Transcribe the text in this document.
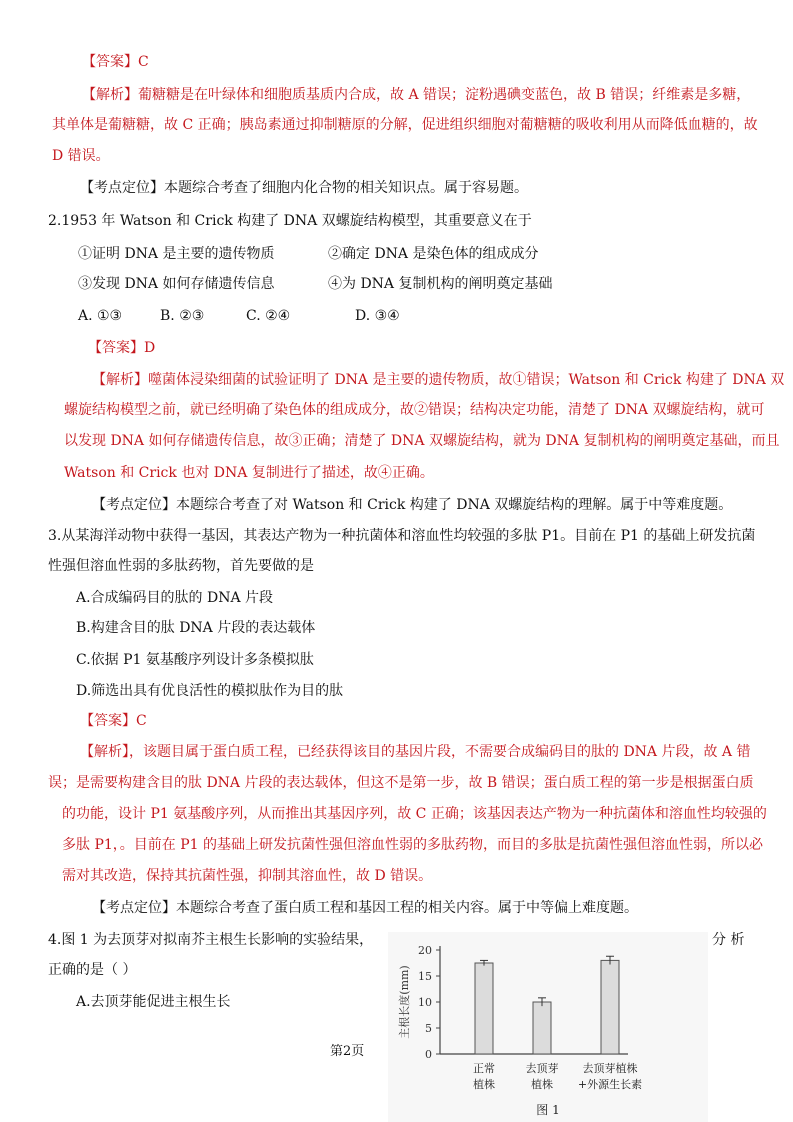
【答案】C
【解析】葡糖糖是在叶绿体和细胞质基质内合成，故 A 错误；淀粉遇碘变蓝色，故 B 错误；纤维素是多糖，
其单体是葡糖糖，故 C 正确；胰岛素通过抑制糖原的分解，促进组织细胞对葡糖糖的吸收利用从而降低血糖的，故
D 错误。
【考点定位】本题综合考查了细胞内化合物的相关知识点。属于容易题。
2.1953 年 Watson 和 Crick 构建了 DNA 双螺旋结构模型，其重要意义在于
①证明 DNA 是主要的遗传物质	②确定 DNA 是染色体的组成成分
③发现 DNA 如何存储遗传信息	④为 DNA 复制机构的阐明奠定基础
A. ①③	B. ②③	C. ②④	D. ③④
【答案】D
【解析】噬菌体浸染细菌的试验证明了 DNA 是主要的遗传物质，故①错误；Watson 和 Crick 构建了 DNA 双
螺旋结构模型之前，就已经明确了染色体的组成成分，故②错误；结构决定功能，清楚了 DNA 双螺旋结构，就可
以发现 DNA 如何存储遗传信息，故③正确；清楚了 DNA 双螺旋结构，就为 DNA 复制机构的阐明奠定基础，而且
Watson 和 Crick 也对 DNA 复制进行了描述，故④正确。
【考点定位】本题综合考查了对 Watson 和 Crick 构建了 DNA 双螺旋结构的理解。属于中等难度题。
3.从某海洋动物中获得一基因，其表达产物为一种抗菌体和溶血性均较强的多肽 P1。目前在 P1 的基础上研发抗菌
性强但溶血性弱的多肽药物，首先要做的是
A.合成编码目的肽的 DNA 片段
B.构建含目的肽 DNA 片段的表达载体
C.依据 P1 氨基酸序列设计多条模拟肽
D.筛选出具有优良活性的模拟肽作为目的肽
【答案】C
【解析】，该题目属于蛋白质工程，已经获得该目的基因片段，不需要合成编码目的肽的 DNA 片段，故 A 错
误；是需要构建含目的肽 DNA 片段的表达载体，但这不是第一步，故 B 错误；蛋白质工程的第一步是根据蛋白质
的功能，设计 P1 氨基酸序列，从而推出其基因序列，故 C 正确；该基因表达产物为一种抗菌体和溶血性均较强的
多肽 P1，。目前在 P1 的基础上研发抗菌性强但溶血性弱的多肽药物，而目的多肽是抗菌性强但溶血性弱，所以必
需对其改造，保持其抗菌性强，抑制其溶血性，故 D 错误。
【考点定位】本题综合考查了蛋白质工程和基因工程的相关内容。属于中等偏上难度题。
4.图 1 为去顶芽对拟南芥主根生长影响的实验结果，	分 析
正确的是（ ）
A.去顶芽能促进主根生长
0
5
10
15
20
主根长度(mm)
正常
植株
去顶芽
植株
去顶芽植株
+外源生长素
图 1
第2页
